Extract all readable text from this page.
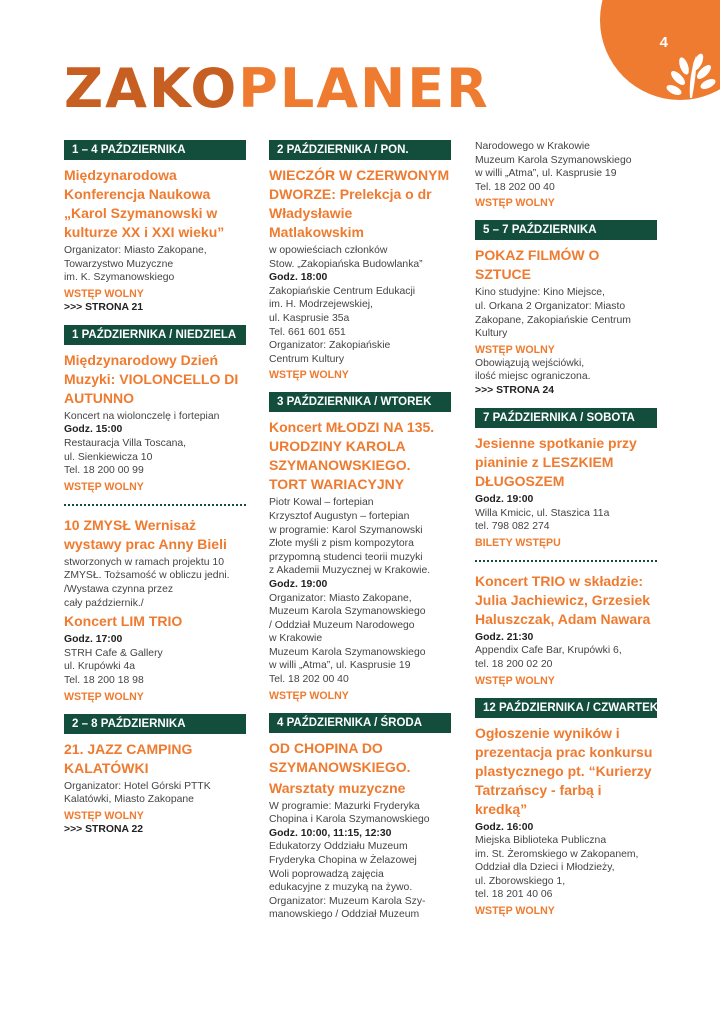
4
ZAKOPLANER
1 – 4 PAŹDZIERNIKA
Międzynarodowa Konferencja Naukowa „Karol Szymanowski w kulturze XX i XXI wieku”
Organizator: Miasto Zakopane,
Towarzystwo Muzyczne
im. K. Szymanowskiego
WSTĘP WOLNY
>>> STRONA 21
1 PAŹDZIERNIKA / NIEDZIELA
Międzynarodowy Dzień Muzyki: VIOLONCELLO DI AUTUNNO
Koncert na wiolonczelę i fortepian
Godz. 15:00
Restauracja Villa Toscana,
ul. Sienkiewicza 10
Tel. 18 200 00 99
WSTĘP WOLNY
10 ZMYSŁ Wernisaż wystawy prac Anny Bieli
stworzonych w ramach projektu 10
ZMYSŁ. Tożsamość w obliczu jedni.
/Wystawa czynna przez
cały październik./
Koncert LIM TRIO
Godz. 17:00
STRH Cafe & Gallery
ul. Krupówki 4a
Tel. 18 200 18 98
WSTĘP WOLNY
2 – 8 PAŹDZIERNIKA
21. JAZZ CAMPING KALATÓWKI
Organizator: Hotel Górski PTTK
Kalatówki, Miasto Zakopane
WSTĘP WOLNY
>>> STRONA 22
2 PAŹDZIERNIKA / PON.
WIECZÓR W CZERWONYM DWORZE: Prelekcja o dr Władysławie Matlakowskim
w opowieściach członków
Stow. „Zakopiańska Budowlanka”
Godz. 18:00
Zakopiańskie Centrum Edukacji
im. H. Modrzejewskiej,
ul. Kasprusie 35a
Tel. 661 601 651
Organizator: Zakopiańskie
Centrum Kultury
WSTĘP WOLNY
3 PAŹDZIERNIKA / WTOREK
Koncert MŁODZI NA 135. URODZINY KAROLA SZYMANOWSKIEGO. TORT WARIACYJNY
Piotr Kowal – fortepian
Krzysztof Augustyn – fortepian
w programie: Karol Szymanowski
Złote myśli z pism kompozytora
przypomną studenci teorii muzyki
z Akademii Muzycznej w Krakowie.
Godz. 19:00
Organizator: Miasto Zakopane,
Muzeum Karola Szymanowskiego
/ Oddział Muzeum Narodowego
w Krakowie
Muzeum Karola Szymanowskiego
w willi „Atma”, ul. Kasprusie 19
Tel. 18 202 00 40
WSTĘP WOLNY
4 PAŹDZIERNIKA / ŚRODA
OD CHOPINA DO SZYMANOWSKIEGO.
Warsztaty muzyczne
W programie: Mazurki Fryderyka
Chopina i Karola Szymanowskiego
Godz. 10:00, 11:15, 12:30
Edukatorzy Oddziału Muzeum
Fryderyka Chopina w Żelazowej
Woli poprowadzą zajęcia
edukacyjne z muzyką na żywo.
Organizator: Muzeum Karola Szy-
manowskiego / Oddział Muzeum
Narodowego w Krakowie
Muzeum Karola Szymanowskiego
w willi „Atma”, ul. Kasprusie 19
Tel. 18 202 00 40
WSTĘP WOLNY
5 – 7 PAŹDZIERNIKA
POKAZ FILMÓW O SZTUCE
Kino studyjne: Kino Miejsce,
ul. Orkana 2 Organizator: Miasto
Zakopane, Zakopiańskie Centrum
Kultury
WSTĘP WOLNY
Obowiązują wejściówki,
ilość miejsc ograniczona.
>>> STRONA 24
7 PAŹDZIERNIKA / SOBOTA
Jesienne spotkanie przy pianinie z LESZKIEM DŁUGOSZEM
Godz. 19:00
Willa Kmicic, ul. Staszica 11a
tel. 798 082 274
BILETY WSTĘPU
Koncert TRIO w składzie: Julia Jachiewicz, Grzesiek Haluszczak, Adam Nawara
Godz. 21:30
Appendix Cafe Bar, Krupówki 6,
tel. 18 200 02 20
WSTĘP WOLNY
12 PAŹDZIERNIKA / CZWARTEK
Ogłoszenie wyników i prezentacja prac konkursu plastycznego pt. “Kurierzy Tatrzańscy - farbą i kredką”
Godz. 16:00
Miejska Biblioteka Publiczna
im. St. Żeromskiego w Zakopanem,
Oddział dla Dzieci i Młodzieży,
ul. Zborowskiego 1,
tel. 18 201 40 06
WSTĘP WOLNY
